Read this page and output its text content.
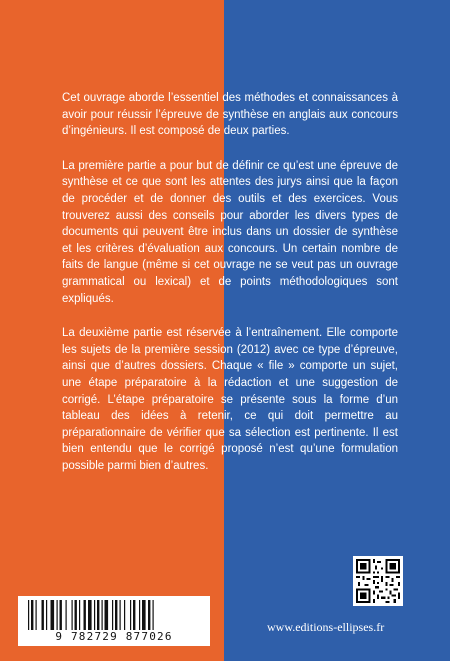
Cet ouvrage aborde l’essentiel des méthodes et connaissances à avoir pour réussir l’épreuve de synthèse en anglais aux concours d’ingénieurs. Il est composé de deux parties.

La première partie a pour but de définir ce qu’est une épreuve de synthèse et ce que sont les attentes des jurys ainsi que la façon de procéder et de donner des outils et des exercices. Vous trouverez aussi des conseils pour aborder les divers types de documents qui peuvent être inclus dans un dossier de synthèse et les critères d’évaluation aux concours. Un certain nombre de faits de langue (même si cet ouvrage ne se veut pas un ouvrage grammatical ou lexical) et de points méthodologiques sont expliqués.

La deuxième partie est réservée à l’entraînement. Elle comporte les sujets de la première session (2012) avec ce type d’épreuve, ainsi que d’autres dossiers. Chaque « file » comporte un sujet, une étape préparatoire à la rédaction et une suggestion de corrigé. L’étape préparatoire se présente sous la forme d’un tableau des idées à retenir, ce qui doit permettre au préparationnaire de vérifier que sa sélection est pertinente. Il est bien entendu que le corrigé proposé n’est qu’une formulation possible parmi bien d’autres.

9 782729 877026
www.editions-ellipses.fr
